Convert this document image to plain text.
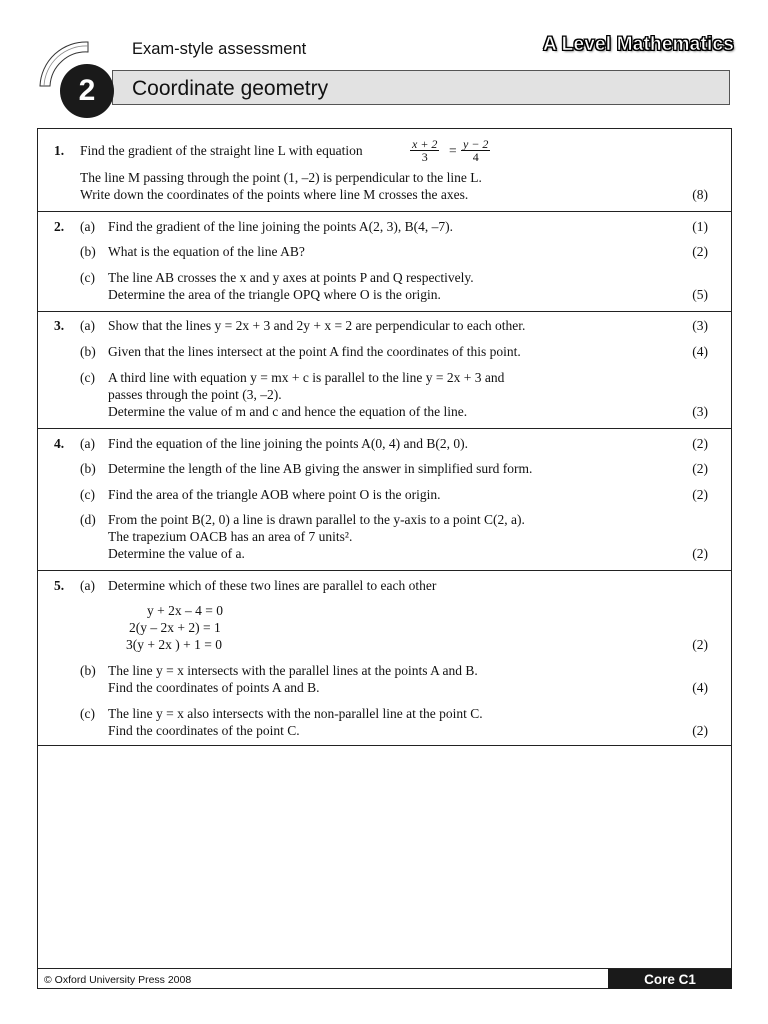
Exam-style assessment	A Level Mathematics
2	Coordinate geometry
1. Find the gradient of the straight line L with equation	$\frac{x + 2}{3} = \frac{y - 2}{4}$
The line M passing through the point (1, –2) is perpendicular to the line L.
Write down the coordinates of the points where line M crosses the axes.	(8)
2. (a) Find the gradient of the line joining the points A(2, 3), B(4, –7).	(1)
(b) What is the equation of the line AB?	(2)
(c) The line AB crosses the x and y axes at points P and Q respectively.
Determine the area of the triangle OPQ where O is the origin.	(5)
3. (a) Show that the lines y = 2x + 3 and 2y + x = 2 are perpendicular to each other.	(3)
(b) Given that the lines intersect at the point A find the coordinates of this point.	(4)
(c) A third line with equation y = mx + c is parallel to the line y = 2x + 3 and
passes through the point (3, –2).
Determine the value of m and c and hence the equation of the line.	(3)
4. (a) Find the equation of the line joining the points A(0, 4) and B(2, 0).	(2)
(b) Determine the length of the line AB giving the answer in simplified surd form.	(2)
(c) Find the area of the triangle AOB where point O is the origin.	(2)
(d) From the point B(2, 0) a line is drawn parallel to the y-axis to a point C(2, a).
The trapezium OACB has an area of 7 units².
Determine the value of a.	(2)
5. (a) Determine which of these two lines are parallel to each other
y + 2x – 4 = 0
2(y – 2x + 2) = 1
3(y + 2x ) + 1 = 0	(2)
(b) The line y = x intersects with the parallel lines at the points A and B.
Find the coordinates of points A and B.	(4)
(c) The line y = x also intersects with the non-parallel line at the point C.
Find the coordinates of the point C.	(2)
© Oxford University Press 2008	Core C1
